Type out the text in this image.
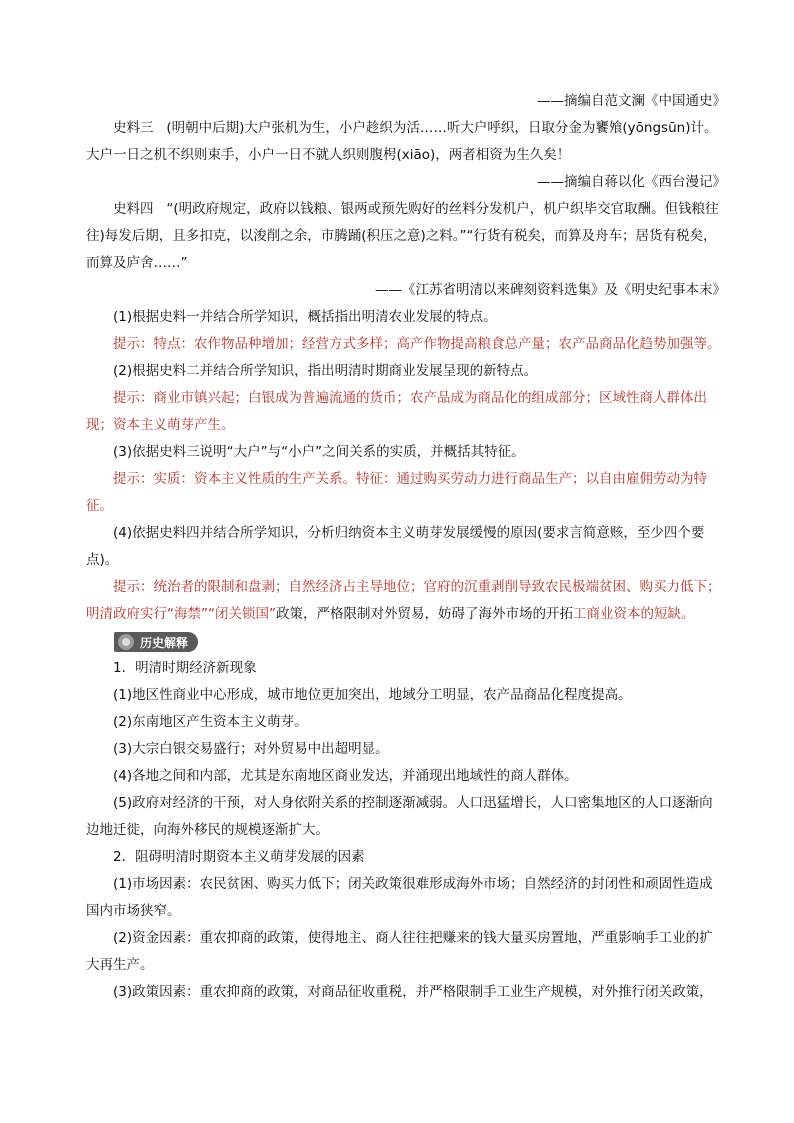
——摘编自范文澜《中国通史》

史料三 (明朝中后期)大户张机为生，小户趁织为活……听大户呼织，日取分金为饔飧(yōngsūn)计。大户一日之机不织则束手，小户一日不就人织则腹枵(xiāo)，两者相资为生久矣！

——摘编自蒋以化《西台漫记》

史料四 “(明政府规定，政府以钱粮、银两或预先购好的丝料分发机户，机户织毕交官取酬。但钱粮往往)每发后期，且多扣克，以浚削之余，市腾踊(积压之意)之料。”“行货有税矣，而算及舟车；居货有税矣，而算及庐舍……”

——《江苏省明清以来碑刻资料选集》及《明史纪事本末》

(1)根据史料一并结合所学知识，概括指出明清农业发展的特点。

提示：特点：农作物品种增加；经营方式多样；高产作物提高粮食总产量；农产品商品化趋势加强等。

(2)根据史料二并结合所学知识，指出明清时期商业发展呈现的新特点。

提示：商业市镇兴起；白银成为普遍流通的货币；农产品成为商品化的组成部分；区域性商人群体出现；资本主义萌芽产生。

(3)依据史料三说明“大户”与“小户”之间关系的实质，并概括其特征。

提示：实质：资本主义性质的生产关系。特征：通过购买劳动力进行商品生产；以自由雇佣劳动为特征。

(4)依据史料四并结合所学知识，分析归纳资本主义萌芽发展缓慢的原因(要求言简意赅，至少四个要点)。

提示：统治者的限制和盘剥；自然经济占主导地位；官府的沉重剥削导致农民极端贫困、购买力低下；明清政府实行“海禁”“闭关锁国”政策，严格限制对外贸易，妨碍了海外市场的开拓工商业资本的短缺。

历史解释

1．明清时期经济新现象

(1)地区性商业中心形成，城市地位更加突出，地域分工明显，农产品商品化程度提高。

(2)东南地区产生资本主义萌芽。

(3)大宗白银交易盛行；对外贸易中出超明显。

(4)各地之间和内部，尤其是东南地区商业发达，并涌现出地域性的商人群体。

(5)政府对经济的干预，对人身依附关系的控制逐渐减弱。人口迅猛增长，人口密集地区的人口逐渐向边地迁徙，向海外移民的规模逐渐扩大。

2．阻碍明清时期资本主义萌芽发展的因素

(1)市场因素：农民贫困、购买力低下；闭关政策很难形成海外市场；自然经济的封闭性和顽固性造成国内市场狭窄。

(2)资金因素：重农抑商的政策，使得地主、商人往往把赚来的钱大量买房置地，严重影响手工业的扩大再生产。

(3)政策因素：重农抑商的政策，对商品征收重税，并严格限制手工业生产规模，对外推行闭关政策，
